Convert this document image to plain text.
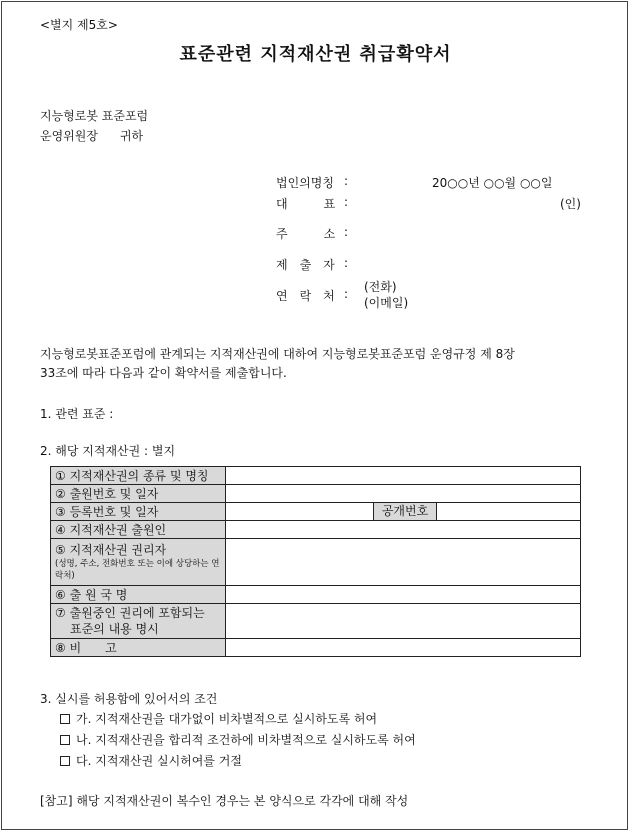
<별지 제5호>
표준관련 지적재산권 취급확약서
지능형로봇 표준포럼
운영위원장 귀하
법인의명칭 :	20○○년 ○○월 ○○일
대　　　표 :	(인)
주　　　소 :
제　출　자 :
연　락　처 : (전화)
(이메일)
지능형로봇표준포럼에 관계되는 지적재산권에 대하여 지능형로봇표준포럼 운영규정 제 8장
33조에 따라 다음과 같이 확약서를 제출합니다.
1. 관련 표준 :
2. 해당 지적재산권 : 별지
① 지적재산권의 종류 및 명칭	
② 출원번호 및 일자	
③ 등록번호 및 일자	공개번호

④ 지적재산권 출원인	
⑤ 지적재산권 권리자
(성명, 주소, 전화번호 또는 이에 상당하는 연락처)	

⑥ 출 원 국 명	

⑦ 출원중인 권리에 포함되는
표준의 내용 명시	

⑧ 비　　고	
3. 실시를 허용함에 있어서의 조건
가. 지적재산권을 대가없이 비차별적으로 실시하도록 허여
나. 지적재산권을 합리적 조건하에 비차별적으로 실시하도록 허여
다. 지적재산권 실시허여를 거절
[참고] 해당 지적재산권이 복수인 경우는 본 양식으로 각각에 대해 작성
